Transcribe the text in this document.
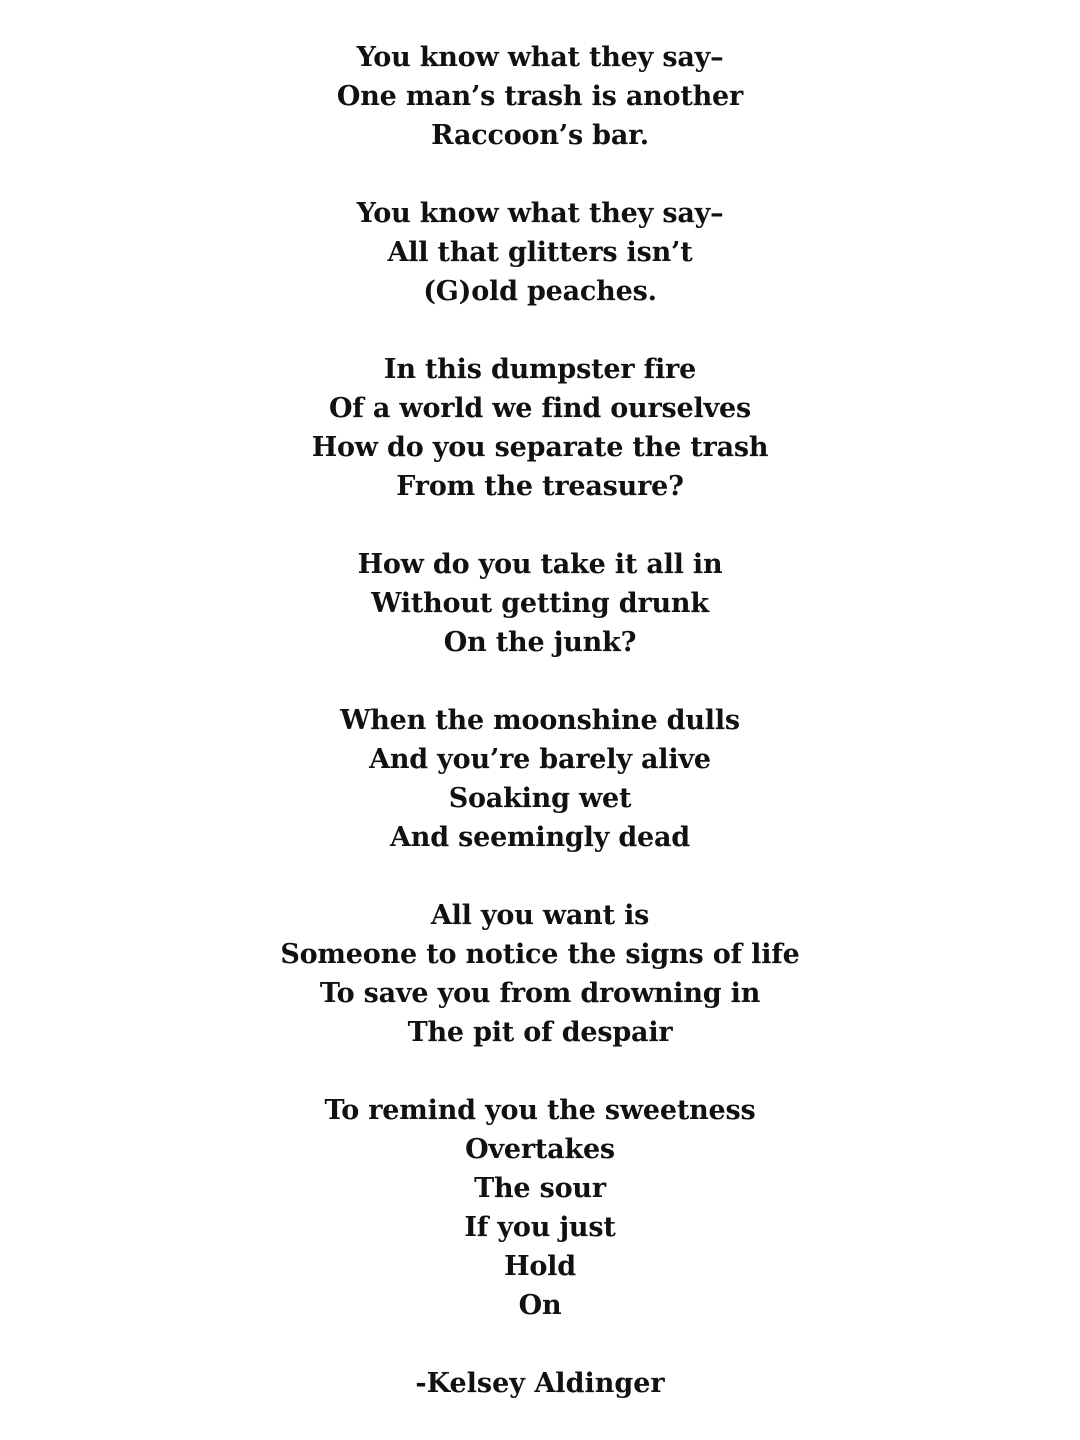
You know what they say–
One man’s trash is another
Raccoon’s bar.
You know what they say–
All that glitters isn’t
(G)old peaches.
In this dumpster fire
Of a world we find ourselves
How do you separate the trash
From the treasure?
How do you take it all in
Without getting drunk
On the junk?
When the moonshine dulls
And you’re barely alive
Soaking wet
And seemingly dead
All you want is
Someone to notice the signs of life
To save you from drowning in
The pit of despair
To remind you the sweetness
Overtakes
The sour
If you just
Hold
On
-Kelsey Aldinger
